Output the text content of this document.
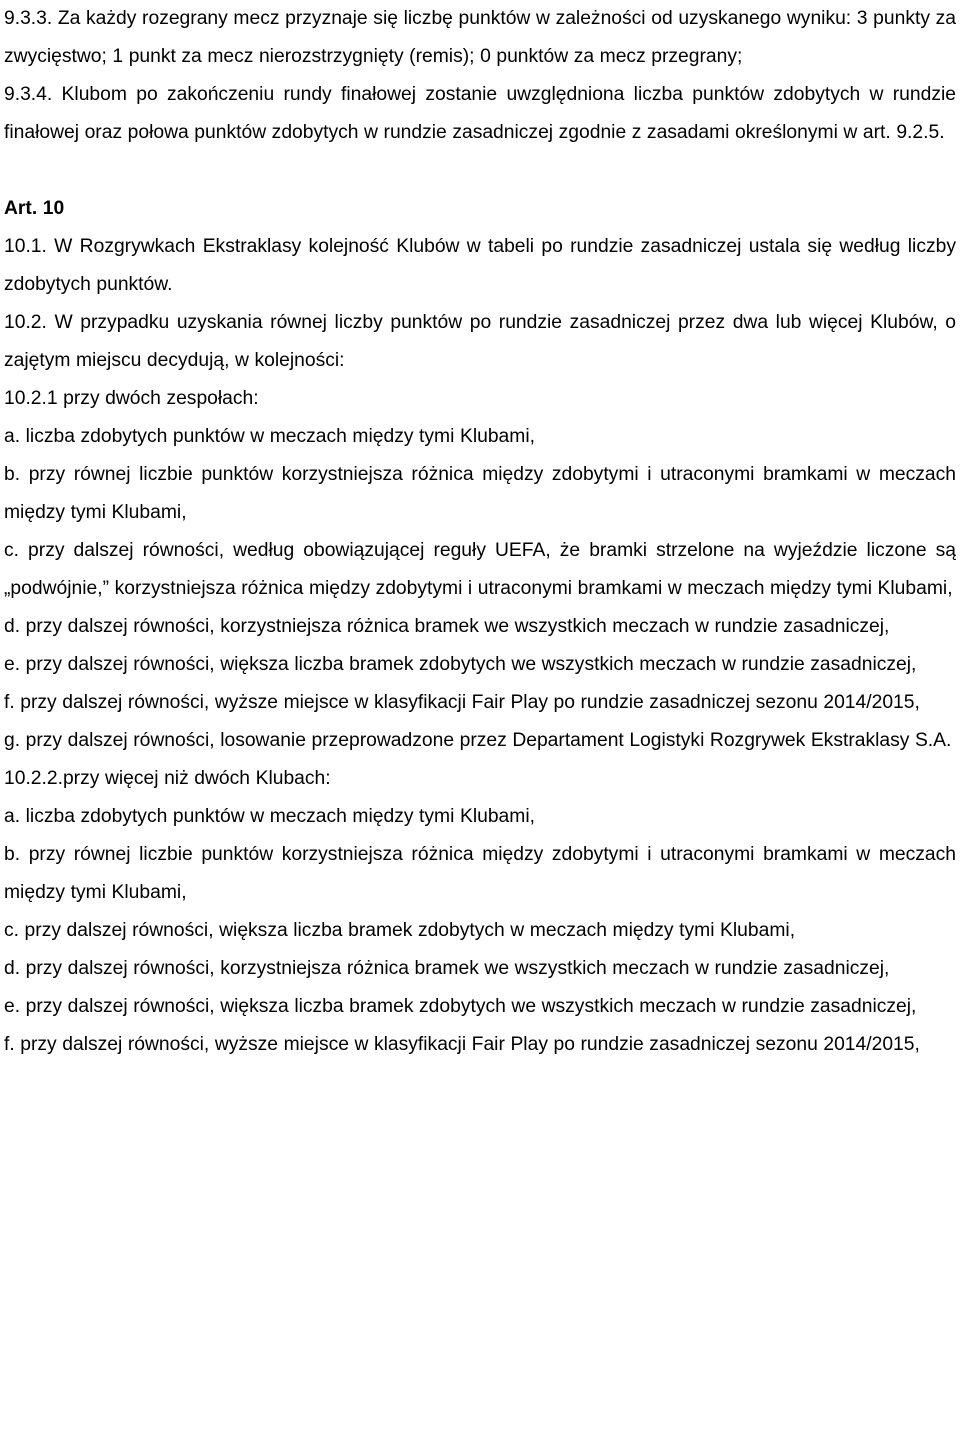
9.3.3. Za każdy rozegrany mecz przyznaje się liczbę punktów w zależności od uzyskanego wyniku: 3 punkty za zwycięstwo; 1 punkt za mecz nierozstrzygnięty (remis); 0 punktów za mecz przegrany;

9.3.4. Klubom po zakończeniu rundy finałowej zostanie uwzględniona liczba punktów zdobytych w rundzie finałowej oraz połowa punktów zdobytych w rundzie zasadniczej zgodnie z zasadami określonymi w art. 9.2.5.

Art. 10

10.1. W Rozgrywkach Ekstraklasy kolejność Klubów w tabeli po rundzie zasadniczej ustala się według liczby zdobytych punktów.

10.2. W przypadku uzyskania równej liczby punktów po rundzie zasadniczej przez dwa lub więcej Klubów, o zajętym miejscu decydują, w kolejności:

10.2.1 przy dwóch zespołach:

a. liczba zdobytych punktów w meczach między tymi Klubami,

b. przy równej liczbie punktów korzystniejsza różnica między zdobytymi i utraconymi bramkami w meczach między tymi Klubami,

c. przy dalszej równości, według obowiązującej reguły UEFA, że bramki strzelone na wyjeździe liczone są „podwójnie,” korzystniejsza różnica między zdobytymi i utraconymi bramkami w meczach między tymi Klubami,

d. przy dalszej równości, korzystniejsza różnica bramek we wszystkich meczach w rundzie zasadniczej,

e. przy dalszej równości, większa liczba bramek zdobytych we wszystkich meczach w rundzie zasadniczej,

f. przy dalszej równości, wyższe miejsce w klasyfikacji Fair Play po rundzie zasadniczej sezonu 2014/2015,

g. przy dalszej równości, losowanie przeprowadzone przez Departament Logistyki Rozgrywek Ekstraklasy S.A.

10.2.2.przy więcej niż dwóch Klubach:

a. liczba zdobytych punktów w meczach między tymi Klubami,

b. przy równej liczbie punktów korzystniejsza różnica między zdobytymi i utraconymi bramkami w meczach między tymi Klubami,

c. przy dalszej równości, większa liczba bramek zdobytych w meczach między tymi Klubami,

d. przy dalszej równości, korzystniejsza różnica bramek we wszystkich meczach w rundzie zasadniczej,

e. przy dalszej równości, większa liczba bramek zdobytych we wszystkich meczach w rundzie zasadniczej,

f. przy dalszej równości, wyższe miejsce w klasyfikacji Fair Play po rundzie zasadniczej sezonu 2014/2015,
